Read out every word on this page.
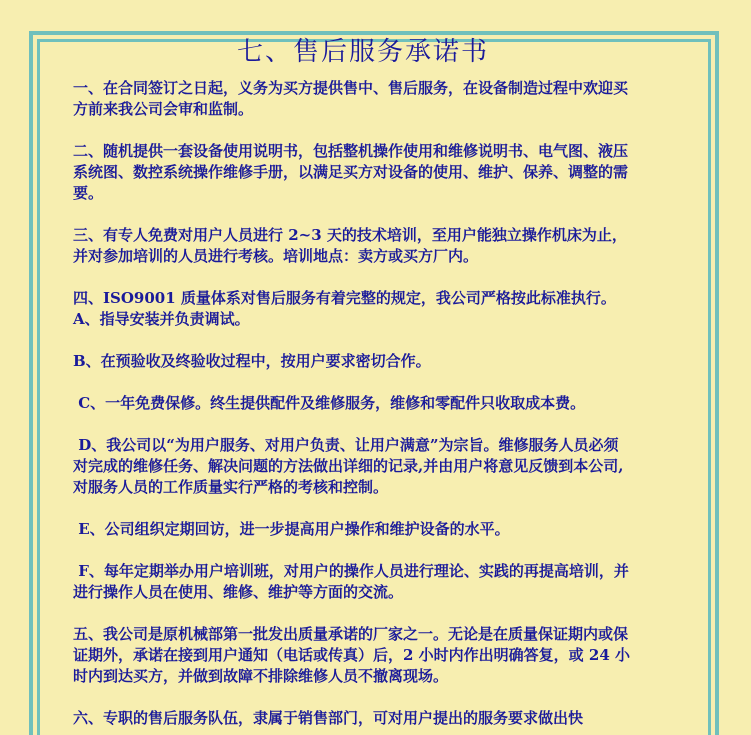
七、售后服务承诺书
一、在合同签订之日起，义务为买方提供售中、售后服务，在设备制造过程中欢迎买方前来我公司会审和监制。
二、随机提供一套设备使用说明书，包括整机操作使用和维修说明书、电气图、液压系统图、数控系统操作维修手册，以满足买方对设备的使用、维护、保养、调整的需要。
三、有专人免费对用户人员进行 2~3 天的技术培训，至用户能独立操作机床为止，并对参加培训的人员进行考核。培训地点：卖方或买方厂内。
四、ISO9001 质量体系对售后服务有着完整的规定，我公司严格按此标准执行。
A、指导安装并负责调试。
B、在预验收及终验收过程中，按用户要求密切合作。
C、一年免费保修。终生提供配件及维修服务，维修和零配件只收取成本费。
D、我公司以“为用户服务、对用户负责、让用户满意”为宗旨。维修服务人员必须对完成的维修任务、解决问题的方法做出详细的记录,并由用户将意见反馈到本公司,对服务人员的工作质量实行严格的考核和控制。
E、公司组织定期回访，进一步提高用户操作和维护设备的水平。
F、每年定期举办用户培训班，对用户的操作人员进行理论、实践的再提高培训，并进行操作人员在使用、维修、维护等方面的交流。
五、我公司是原机械部第一批发出质量承诺的厂家之一。无论是在质量保证期内或保证期外，承诺在接到用户通知（电话或传真）后，2 小时内作出明确答复，或 24 小时内到达买方，并做到故障不排除维修人员不撤离现场。
六、专职的售后服务队伍，隶属于销售部门，可对用户提出的服务要求做出快
